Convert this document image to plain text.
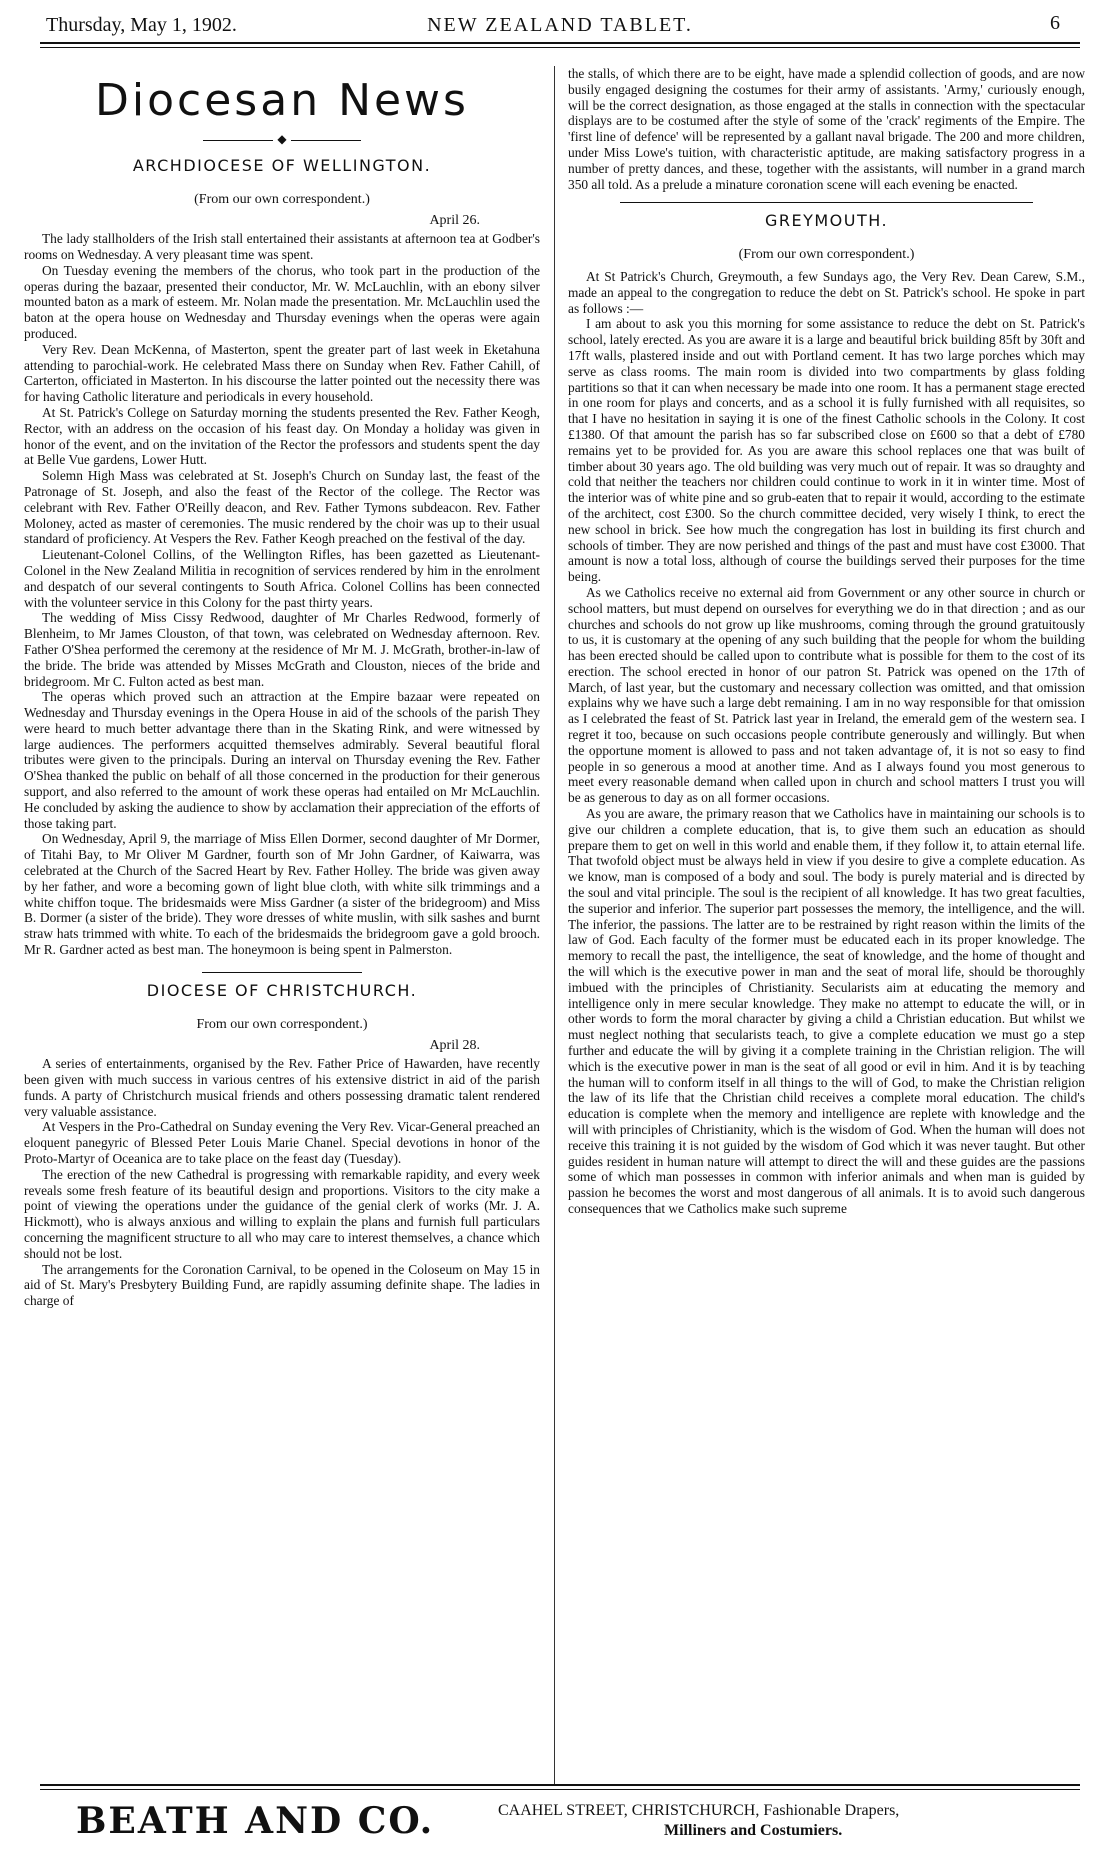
Thursday, May 1, 1902.	NEW ZEALAND TABLET.	6
Diocesan News
◆
ARCHDIOCESE OF WELLINGTON.

(From our own correspondent.)

April 26.

The lady stallholders of the Irish stall entertained their assistants at afternoon tea at Godber's rooms on Wednesday. A very pleasant time was spent.

On Tuesday evening the members of the chorus, who took part in the production of the operas during the bazaar, presented their conductor, Mr. W. McLauchlin, with an ebony silver mounted baton as a mark of esteem. Mr. Nolan made the presentation. Mr. McLauchlin used the baton at the opera house on Wednesday and Thursday evenings when the operas were again produced.

Very Rev. Dean McKenna, of Masterton, spent the greater part of last week in Eketahuna attending to parochial-work. He celebrated Mass there on Sunday when Rev. Father Cahill, of Carterton, officiated in Masterton. In his discourse the latter pointed out the necessity there was for having Catholic literature and periodicals in every household.

At St. Patrick's College on Saturday morning the students presented the Rev. Father Keogh, Rector, with an address on the occasion of his feast day. On Monday a holiday was given in honor of the event, and on the invitation of the Rector the professors and students spent the day at Belle Vue gardens, Lower Hutt.

Solemn High Mass was celebrated at St. Joseph's Church on Sunday last, the feast of the Patronage of St. Joseph, and also the feast of the Rector of the college. The Rector was celebrant with Rev. Father O'Reilly deacon, and Rev. Father Tymons subdeacon. Rev. Father Moloney, acted as master of ceremonies. The music rendered by the choir was up to their usual standard of proficiency. At Vespers the Rev. Father Keogh preached on the festival of the day.

Lieutenant-Colonel Collins, of the Wellington Rifles, has been gazetted as Lieutenant-Colonel in the New Zealand Militia in recognition of services rendered by him in the enrolment and despatch of our several contingents to South Africa. Colonel Collins has been connected with the volunteer service in this Colony for the past thirty years.

The wedding of Miss Cissy Redwood, daughter of Mr Charles Redwood, formerly of Blenheim, to Mr James Clouston, of that town, was celebrated on Wednesday afternoon. Rev. Father O'Shea performed the ceremony at the residence of Mr M. J. McGrath, brother-in-law of the bride. The bride was attended by Misses McGrath and Clouston, nieces of the bride and bridegroom. Mr C. Fulton acted as best man.

The operas which proved such an attraction at the Empire bazaar were repeated on Wednesday and Thursday evenings in the Opera House in aid of the schools of the parish They were heard to much better advantage there than in the Skating Rink, and were witnessed by large audiences. The performers acquitted themselves admirably. Several beautiful floral tributes were given to the principals. During an interval on Thursday evening the Rev. Father O'Shea thanked the public on behalf of all those concerned in the production for their generous support, and also referred to the amount of work these operas had entailed on Mr McLauchlin. He concluded by asking the audience to show by acclamation their appreciation of the efforts of those taking part.

On Wednesday, April 9, the marriage of Miss Ellen Dormer, second daughter of Mr Dormer, of Titahi Bay, to Mr Oliver M Gardner, fourth son of Mr John Gardner, of Kaiwarra, was celebrated at the Church of the Sacred Heart by Rev. Father Holley. The bride was given away by her father, and wore a becoming gown of light blue cloth, with white silk trimmings and a white chiffon toque. The bridesmaids were Miss Gardner (a sister of the bridegroom) and Miss B. Dormer (a sister of the bride). They wore dresses of white muslin, with silk sashes and burnt straw hats trimmed with white. To each of the bridesmaids the bridegroom gave a gold brooch. Mr R. Gardner acted as best man. The honeymoon is being spent in Palmerston.

DIOCESE OF CHRISTCHURCH.

From our own correspondent.)

April 28.

A series of entertainments, organised by the Rev. Father Price of Hawarden, have recently been given with much success in various centres of his extensive district in aid of the parish funds. A party of Christchurch musical friends and others possessing dramatic talent rendered very valuable assistance.

At Vespers in the Pro-Cathedral on Sunday evening the Very Rev. Vicar-General preached an eloquent panegyric of Blessed Peter Louis Marie Chanel. Special devotions in honor of the Proto-Martyr of Oceanica are to take place on the feast day (Tuesday).

The erection of the new Cathedral is progressing with remarkable rapidity, and every week reveals some fresh feature of its beautiful design and proportions. Visitors to the city make a point of viewing the operations under the guidance of the genial clerk of works (Mr. J. A. Hickmott), who is always anxious and willing to explain the plans and furnish full particulars concerning the magnificent structure to all who may care to interest themselves, a chance which should not be lost.

The arrangements for the Coronation Carnival, to be opened in the Coloseum on May 15 in aid of St. Mary's Presbytery Building Fund, are rapidly assuming definite shape. The ladies in charge of

the stalls, of which there are to be eight, have made a splendid collection of goods, and are now busily engaged designing the costumes for their army of assistants. 'Army,' curiously enough, will be the correct designation, as those engaged at the stalls in connection with the spectacular displays are to be costumed after the style of some of the 'crack' regiments of the Empire. The 'first line of defence' will be represented by a gallant naval brigade. The 200 and more children, under Miss Lowe's tuition, with characteristic aptitude, are making satisfactory progress in a number of pretty dances, and these, together with the assistants, will number in a grand march 350 all told. As a prelude a minature coronation scene will each evening be enacted.

GREYMOUTH.

(From our own correspondent.)

At St Patrick's Church, Greymouth, a few Sundays ago, the Very Rev. Dean Carew, S.M., made an appeal to the congregation to reduce the debt on St. Patrick's school. He spoke in part as follows :—

I am about to ask you this morning for some assistance to reduce the debt on St. Patrick's school, lately erected. As you are aware it is a large and beautiful brick building 85ft by 30ft and 17ft walls, plastered inside and out with Portland cement. It has two large porches which may serve as class rooms. The main room is divided into two compartments by glass folding partitions so that it can when necessary be made into one room. It has a permanent stage erected in one room for plays and concerts, and as a school it is fully furnished with all requisites, so that I have no hesitation in saying it is one of the finest Catholic schools in the Colony. It cost £1380. Of that amount the parish has so far subscribed close on £600 so that a debt of £780 remains yet to be provided for. As you are aware this school replaces one that was built of timber about 30 years ago. The old building was very much out of repair. It was so draughty and cold that neither the teachers nor children could continue to work in it in winter time. Most of the interior was of white pine and so grub-eaten that to repair it would, according to the estimate of the architect, cost £300. So the church committee decided, very wisely I think, to erect the new school in brick. See how much the congregation has lost in building its first church and schools of timber. They are now perished and things of the past and must have cost £3000. That amount is now a total loss, although of course the buildings served their purposes for the time being.

As we Catholics receive no external aid from Government or any other source in church or school matters, but must depend on ourselves for everything we do in that direction ; and as our churches and schools do not grow up like mushrooms, coming through the ground gratuitously to us, it is customary at the opening of any such building that the people for whom the building has been erected should be called upon to contribute what is possible for them to the cost of its erection. The school erected in honor of our patron St. Patrick was opened on the 17th of March, of last year, but the customary and necessary collection was omitted, and that omission explains why we have such a large debt remaining. I am in no way responsible for that omission as I celebrated the feast of St. Patrick last year in Ireland, the emerald gem of the western sea. I regret it too, because on such occasions people contribute generously and willingly. But when the opportune moment is allowed to pass and not taken advantage of, it is not so easy to find people in so generous a mood at another time. And as I always found you most generous to meet every reasonable demand when called upon in church and school matters I trust you will be as generous to day as on all former occasions.

As you are aware, the primary reason that we Catholics have in maintaining our schools is to give our children a complete education, that is, to give them such an education as should prepare them to get on well in this world and enable them, if they follow it, to attain eternal life. That twofold object must be always held in view if you desire to give a complete education. As we know, man is composed of a body and soul. The body is purely material and is directed by the soul and vital principle. The soul is the recipient of all knowledge. It has two great faculties, the superior and inferior. The superior part possesses the memory, the intelligence, and the will. The inferior, the passions. The latter are to be restrained by right reason within the limits of the law of God. Each faculty of the former must be educated each in its proper knowledge. The memory to recall the past, the intelligence, the seat of knowledge, and the home of thought and the will which is the executive power in man and the seat of moral life, should be thoroughly imbued with the principles of Christianity. Secularists aim at educating the memory and intelligence only in mere secular knowledge. They make no attempt to educate the will, or in other words to form the moral character by giving a child a Christian education. But whilst we must neglect nothing that secularists teach, to give a complete education we must go a step further and educate the will by giving it a complete training in the Christian religion. The will which is the executive power in man is the seat of all good or evil in him. And it is by teaching the human will to conform itself in all things to the will of God, to make the Christian religion the law of its life that the Christian child receives a complete moral education. The child's education is complete when the memory and intelligence are replete with knowledge and the will with principles of Christianity, which is the wisdom of God. When the human will does not receive this training it is not guided by the wisdom of God which it was never taught. But other guides resident in human nature will attempt to direct the will and these guides are the passions some of which man possesses in common with inferior animals and when man is guided by passion he becomes the worst and most dangerous of all animals. It is to avoid such dangerous consequences that we Catholics make such supreme

BEATH AND CO.	CAAHEL STREET, CHRISTCHURCH, Fashionable Drapers,
Milliners and Costumiers.
